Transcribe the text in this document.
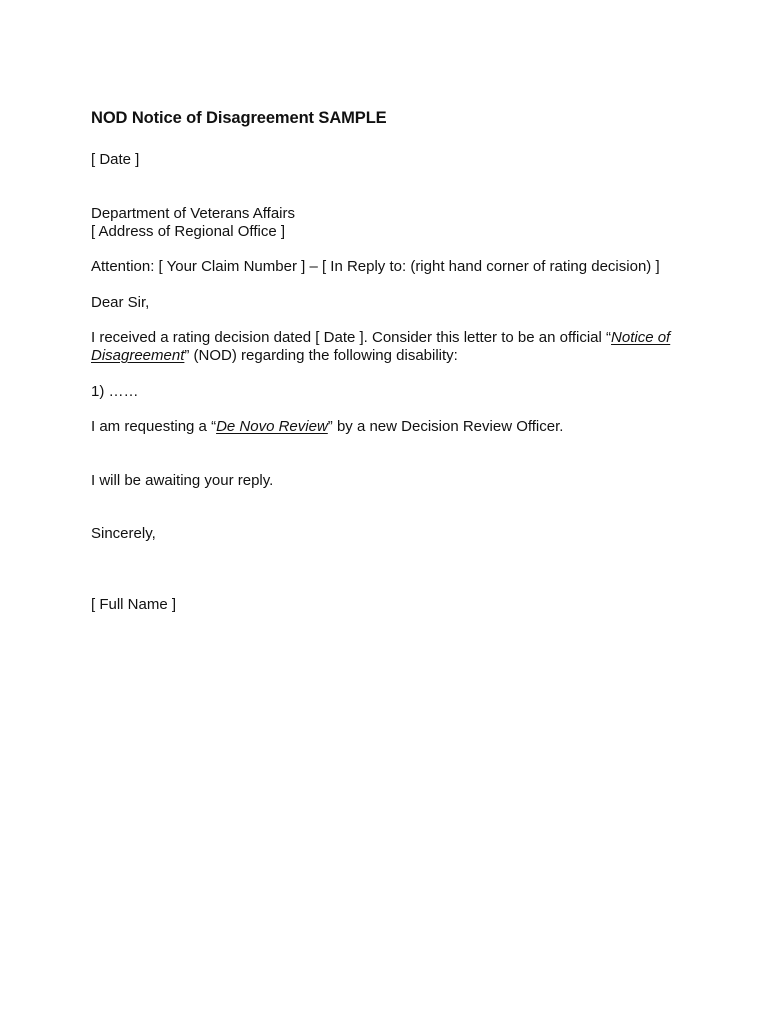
NOD Notice of Disagreement SAMPLE

[ Date ]

Department of Veterans Affairs

[ Address of Regional Office ]

Attention: [ Your Claim Number ] – [ In Reply to: (right hand corner of rating decision) ]

Dear Sir,

I received a rating decision dated [ Date ]. Consider this letter to be an official “Notice of

Disagreement” (NOD) regarding the following disability:

1) ……

I am requesting a “De Novo Review” by a new Decision Review Officer.

I will be awaiting your reply.

Sincerely,

[ Full Name ]
